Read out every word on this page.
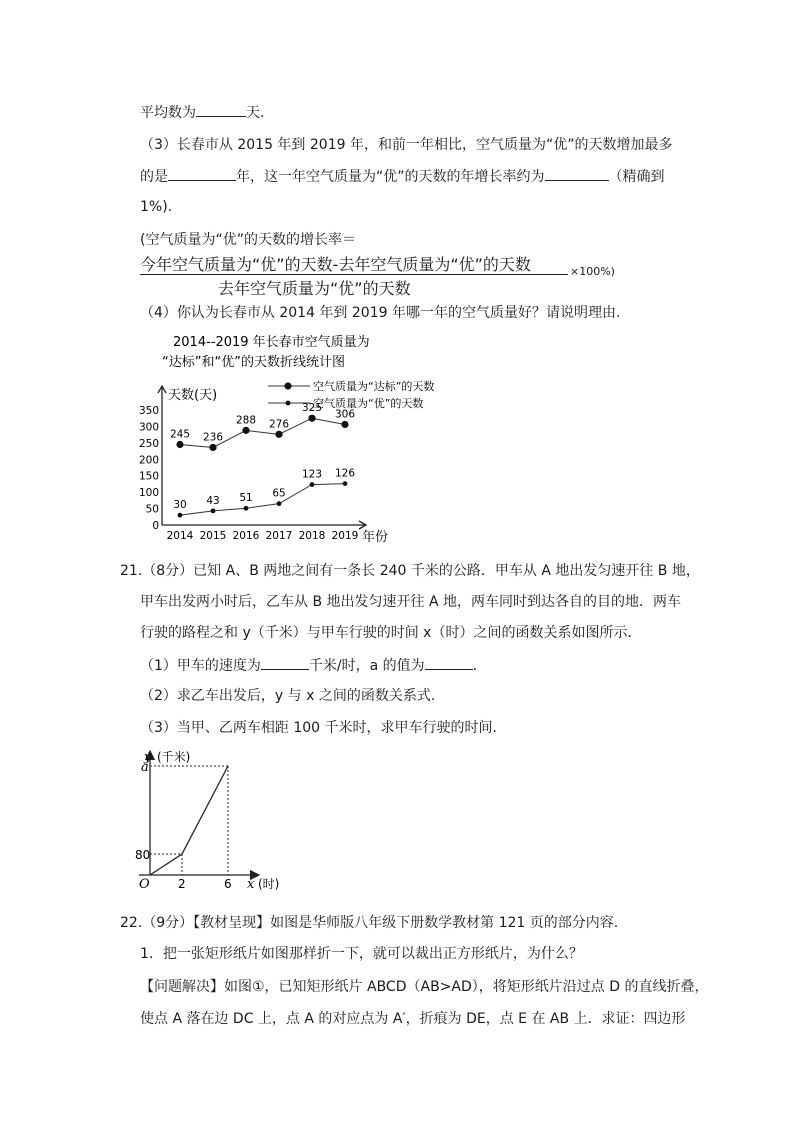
平均数为	天.
（3）长春市从 2015 年到 2019 年，和前一年相比，空气质量为“优”的天数增加最多
的是	年，这一年空气质量为“优”的天数的年增长率约为	（精确到
1%).
(空气质量为“优”的天数的增长率＝
今年空气质量为“优”的天数-去年空气质量为“优”的天数
去年空气质量为“优”的天数
×100%)
（4）你认为长春市从 2014 年到 2019 年哪一年的空气质量好？请说明理由.
2014--2019 年长春市空气质量为
“达标”和“优”的天数折线统计图
天数(天)
年份
350
300
250
200
150
100
50
0
2014 2015 2016 2017 2018 2019
空气质量为“达标”的天数
空气质量为“优”的天数
245 236
288 276
325
306
30 43 51 65
123 126
21.（8分）已知 A、B 两地之间有一条长 240 千米的公路．甲车从 A 地出发匀速开往 B 地，
甲车出发两小时后，乙车从 B 地出发匀速开往 A 地，两车同时到达各自的目的地．两车
行驶的路程之和 y（千米）与甲车行驶的时间 x（时）之间的函数关系如图所示．
（1）甲车的速度为	千米/时，a 的值为	.
（2）求乙车出发后，y 与 x 之间的函数关系式.
（3）当甲、乙两车相距 100 千米时，求甲车行驶的时间.
y (千米)
a
80
O 2	6 x (时)
22.（9分）【教材呈现】如图是华师版八年级下册数学教材第 121 页的部分内容.
1．把一张矩形纸片如图那样折一下，就可以裁出正方形纸片，为什么？
【问题解决】如图①，已知矩形纸片 ABCD（AB>AD），将矩形纸片沿过点 D 的直线折叠，
使点 A 落在边 DC 上，点 A 的对应点为 A′，折痕为 DE，点 E 在 AB 上．求证：四边形
